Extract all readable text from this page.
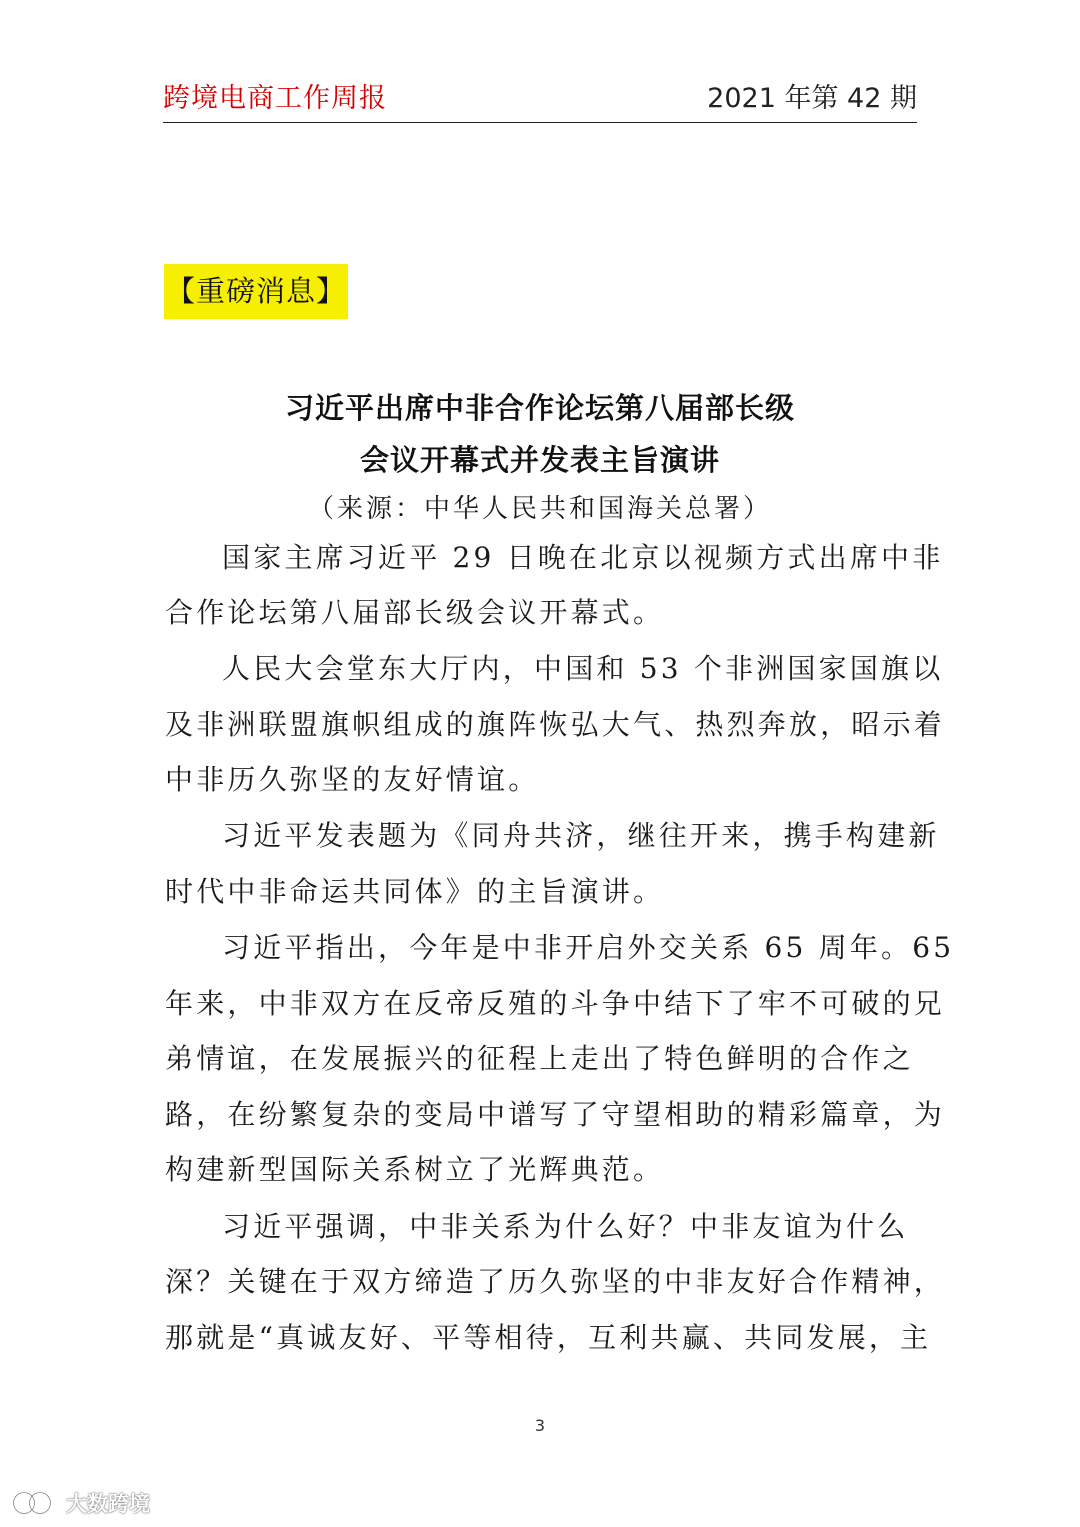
跨境电商工作周报	2021 年第 42 期
【重磅消息】
习近平出席中非合作论坛第八届部长级
会议开幕式并发表主旨演讲
（来源：中华人民共和国海关总署）
国家主席习近平 29 日晚在北京以视频方式出席中非
合作论坛第八届部长级会议开幕式。
人民大会堂东大厅内，中国和 53 个非洲国家国旗以
及非洲联盟旗帜组成的旗阵恢弘大气、热烈奔放，昭示着
中非历久弥坚的友好情谊。
习近平发表题为《同舟共济，继往开来，携手构建新
时代中非命运共同体》的主旨演讲。
习近平指出，今年是中非开启外交关系 65 周年。65
年来，中非双方在反帝反殖的斗争中结下了牢不可破的兄
弟情谊，在发展振兴的征程上走出了特色鲜明的合作之
路，在纷繁复杂的变局中谱写了守望相助的精彩篇章，为
构建新型国际关系树立了光辉典范。
习近平强调，中非关系为什么好？中非友谊为什么
深？关键在于双方缔造了历久弥坚的中非友好合作精神，
那就是“真诚友好、平等相待，互利共赢、共同发展，主
3
大数跨境
